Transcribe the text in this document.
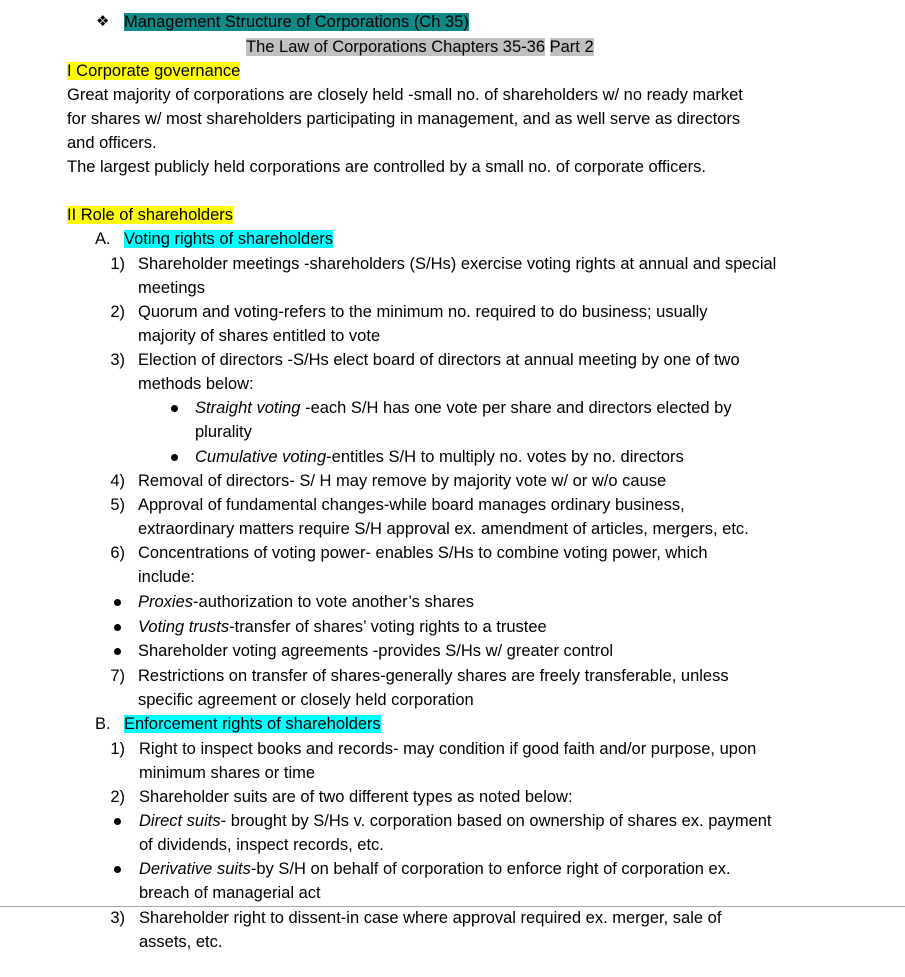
❖ Management Structure of Corporations (Ch 35)
The Law of Corporations Chapters 35-36 Part 2
I Corporate governance
Great majority of corporations are closely held -small no. of shareholders w/ no ready market
for shares w/ most shareholders participating in management, and as well serve as directors
and officers.
The largest publicly held corporations are controlled by a small no. of corporate officers.
II Role of shareholders
A. Voting rights of shareholders
1) Shareholder meetings -shareholders (S/Hs) exercise voting rights at annual and special
meetings
2) Quorum and voting-refers to the minimum no. required to do business; usually
majority of shares entitled to vote
3) Election of directors -S/Hs elect board of directors at annual meeting by one of two
methods below:
Straight voting -each S/H has one vote per share and directors elected by
plurality
Cumulative voting-entitles S/H to multiply no. votes by no. directors
4) Removal of directors- S/ H may remove by majority vote w/ or w/o cause
5) Approval of fundamental changes-while board manages ordinary business,
extraordinary matters require S/H approval ex. amendment of articles, mergers, etc.
6) Concentrations of voting power- enables S/Hs to combine voting power, which
include:
Proxies-authorization to vote another’s shares
Voting trusts-transfer of shares’ voting rights to a trustee
Shareholder voting agreements -provides S/Hs w/ greater control
7) Restrictions on transfer of shares-generally shares are freely transferable, unless
specific agreement or closely held corporation
B. Enforcement rights of shareholders
1) Right to inspect books and records- may condition if good faith and/or purpose, upon
minimum shares or time
2) Shareholder suits are of two different types as noted below:
Direct suits- brought by S/Hs v. corporation based on ownership of shares ex. payment
of dividends, inspect records, etc.
Derivative suits-by S/H on behalf of corporation to enforce right of corporation ex.
breach of managerial act
3) Shareholder right to dissent-in case where approval required ex. merger, sale of
assets, etc.
